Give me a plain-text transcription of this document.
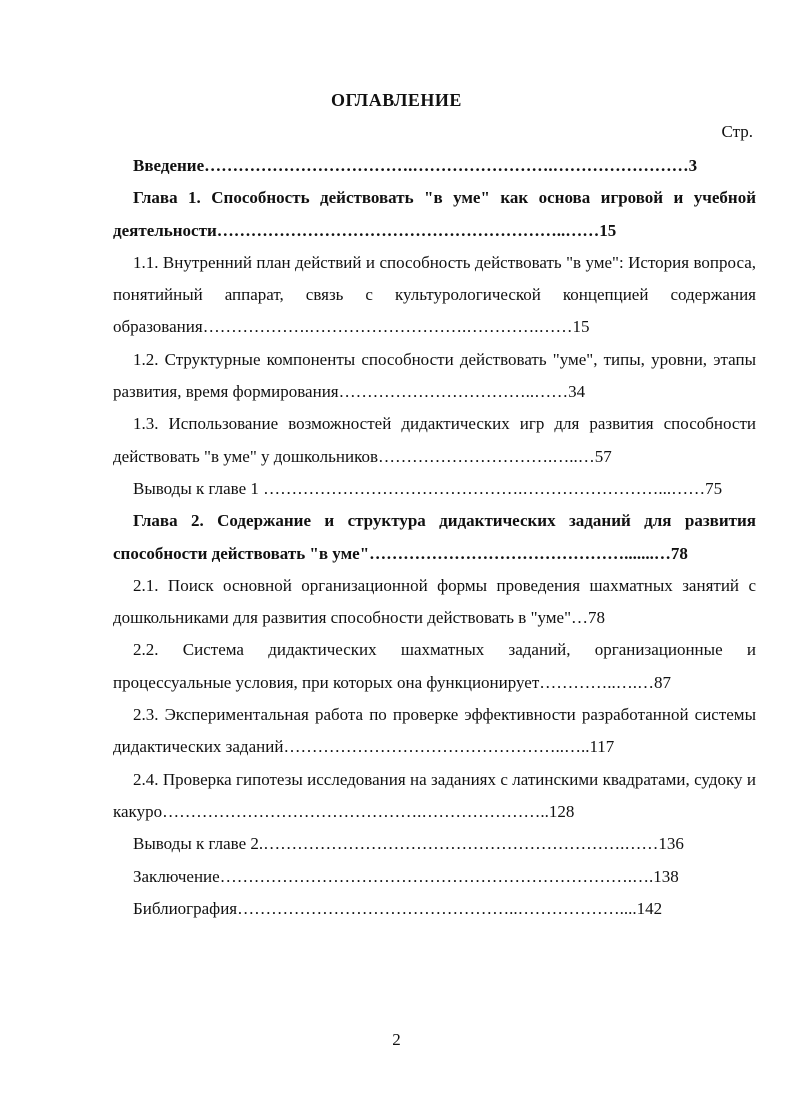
ОГЛАВЛЕНИЕ
Стр.

Введение……………………………….…………………….……………………3

Глава 1. Способность действовать "в уме" как основа игровой и учебной деятельности……………………………………………………..……15

1.1. Внутренний план действий и способность действовать "в уме": История вопроса, понятийный аппарат, связь с культурологической концепцией содержания образования……………….……………………….………….……15

1.2. Структурные компоненты способности действовать "уме", типы, уровни, этапы развития, время формирования……………………………..……34

1.3. Использование возможностей дидактических игр для развития способности действовать "в уме" у дошкольников………………………….…..…57

Выводы к главе 1 ……………………………………….……………………...……75

Глава 2. Содержание и структура дидактических заданий для развития способности действовать "в уме"……………………………………….......…78

2.1. Поиск основной организационной формы проведения шахматных занятий с дошкольниками для развития способности действовать в "уме"…78

2.2. Система дидактических шахматных заданий, организационные и процессуальные условия, при которых она функционирует…………..….…87

2.3. Экспериментальная работа по проверке эффективности разработанной системы дидактических заданий…………………………………………..…..117

2.4. Проверка гипотезы исследования на заданиях с латинскими квадратами, судоку и какуро……………………………………….…………………..128

Выводы к главе 2.……………………………………………………….……136

Заключение……………………………………………………………….….138

Библиография…………………………………………..………………....142

2
